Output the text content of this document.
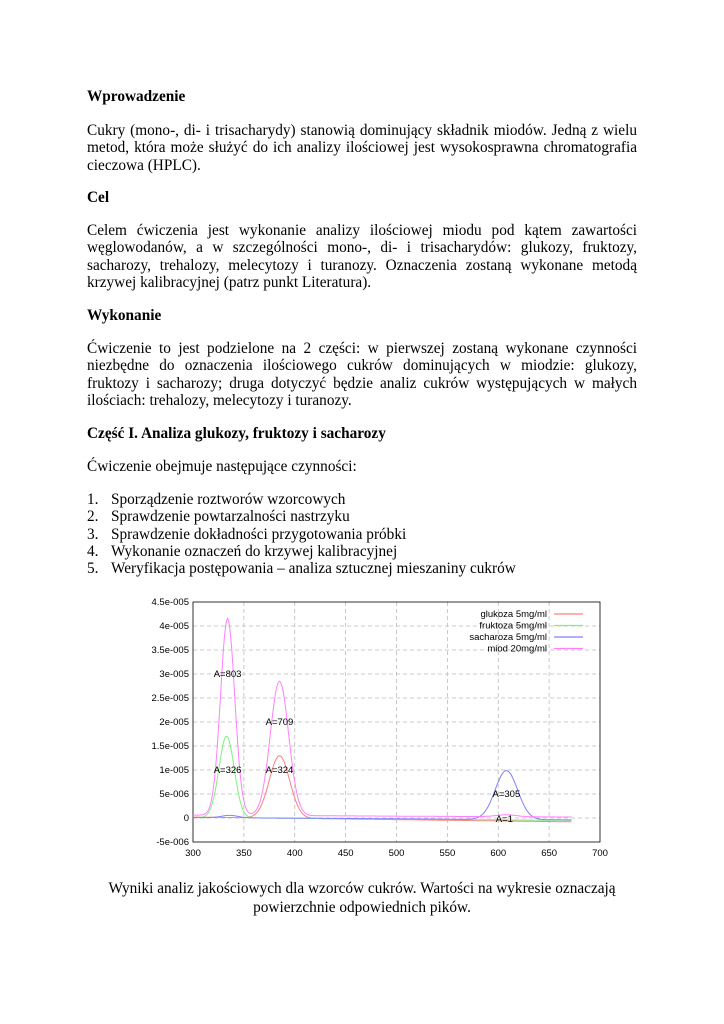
Wprowadzenie
Cukry (mono-, di- i trisacharydy) stanowią dominujący składnik miodów. Jedną z wielu metod, która może służyć do ich analizy ilościowej jest wysokosprawna chromatografia cieczowa (HPLC).
Cel
Celem ćwiczenia jest wykonanie analizy ilościowej miodu pod kątem zawartości węglowodanów, a w szczególności mono-, di- i trisacharydów: glukozy, fruktozy, sacharozy, trehalozy, melecytozy i turanozy. Oznaczenia zostaną wykonane metodą krzywej kalibracyjnej (patrz punkt Literatura).
Wykonanie
Ćwiczenie to jest podzielone na 2 części: w pierwszej zostaną wykonane czynności niezbędne do oznaczenia ilościowego cukrów dominujących w miodzie: glukozy, fruktozy i sacharozy; druga dotyczyć będzie analiz cukrów występujących w małych ilościach: trehalozy, melecytozy i turanozy.
Część I. Analiza glukozy, fruktozy i sacharozy
Ćwiczenie obejmuje następujące czynności:
1. Sporządzenie roztworów wzorcowych
2. Sprawdzenie powtarzalności nastrzyku
3. Sprawdzenie dokładności przygotowania próbki
4. Wykonanie oznaczeń do krzywej kalibracyjnej
5. Weryfikacja postępowania – analiza sztucznej mieszaniny cukrów
300	350	400	450	500	550	600	650	700
4.5e-005
4e-005
3.5e-005
3e-005
2.5e-005
2e-005
1.5e-005
1e-005
5e-006
0
-5e-006
glukoza 5mg/ml
fruktoza 5mg/ml
sacharoza 5mg/ml
miod 20mg/ml
A=803
A=709
A=326	A=324
A=305
A=1
Wyniki analiz jakościowych dla wzorców cukrów. Wartości na wykresie oznaczają powierzchnie odpowiednich pików.
